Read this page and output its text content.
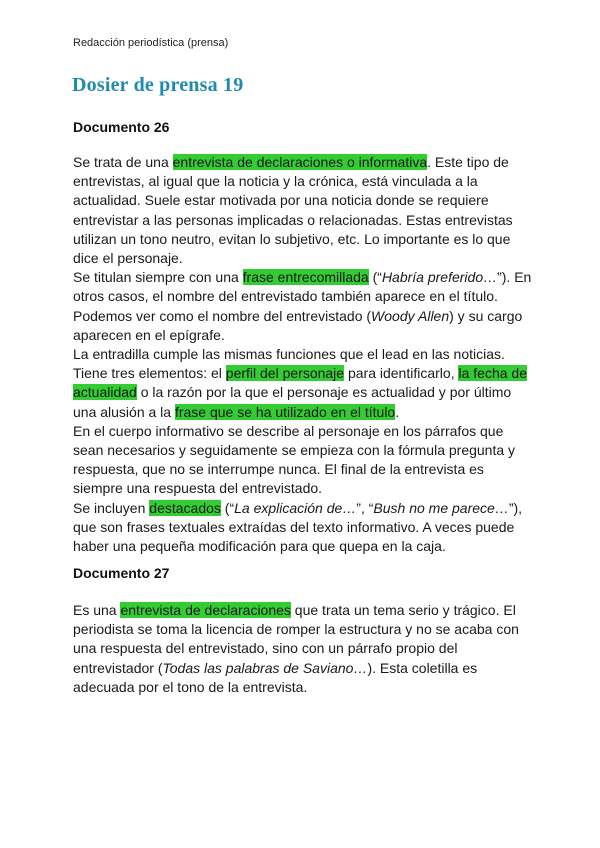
Redacción periodística (prensa)
Dosier de prensa 19
Documento 26

Se trata de una entrevista de declaraciones o informativa. Este tipo de entrevistas, al igual que la noticia y la crónica, está vinculada a la actualidad. Suele estar motivada por una noticia donde se requiere entrevistar a las personas implicadas o relacionadas. Estas entrevistas utilizan un tono neutro, evitan lo subjetivo, etc. Lo importante es lo que dice el personaje.

Se titulan siempre con una frase entrecomillada (“Habría preferido…”). En otros casos, el nombre del entrevistado también aparece en el título. Podemos ver como el nombre del entrevistado (Woody Allen) y su cargo aparecen en el epígrafe.

La entradilla cumple las mismas funciones que el lead en las noticias. Tiene tres elementos: el perfil del personaje para identificarlo, la fecha de actualidad o la razón por la que el personaje es actualidad y por último una alusión a la frase que se ha utilizado en el título.

En el cuerpo informativo se describe al personaje en los párrafos que sean necesarios y seguidamente se empieza con la fórmula pregunta y respuesta, que no se interrumpe nunca. El final de la entrevista es siempre una respuesta del entrevistado.

Se incluyen destacados (“La explicación de…”, “Bush no me parece…”), que son frases textuales extraídas del texto informativo. A veces puede haber una pequeña modificación para que quepa en la caja.

Documento 27

Es una entrevista de declaraciones que trata un tema serio y trágico. El periodista se toma la licencia de romper la estructura y no se acaba con una respuesta del entrevistado, sino con un párrafo propio del entrevistador (Todas las palabras de Saviano…). Esta coletilla es adecuada por el tono de la entrevista.
